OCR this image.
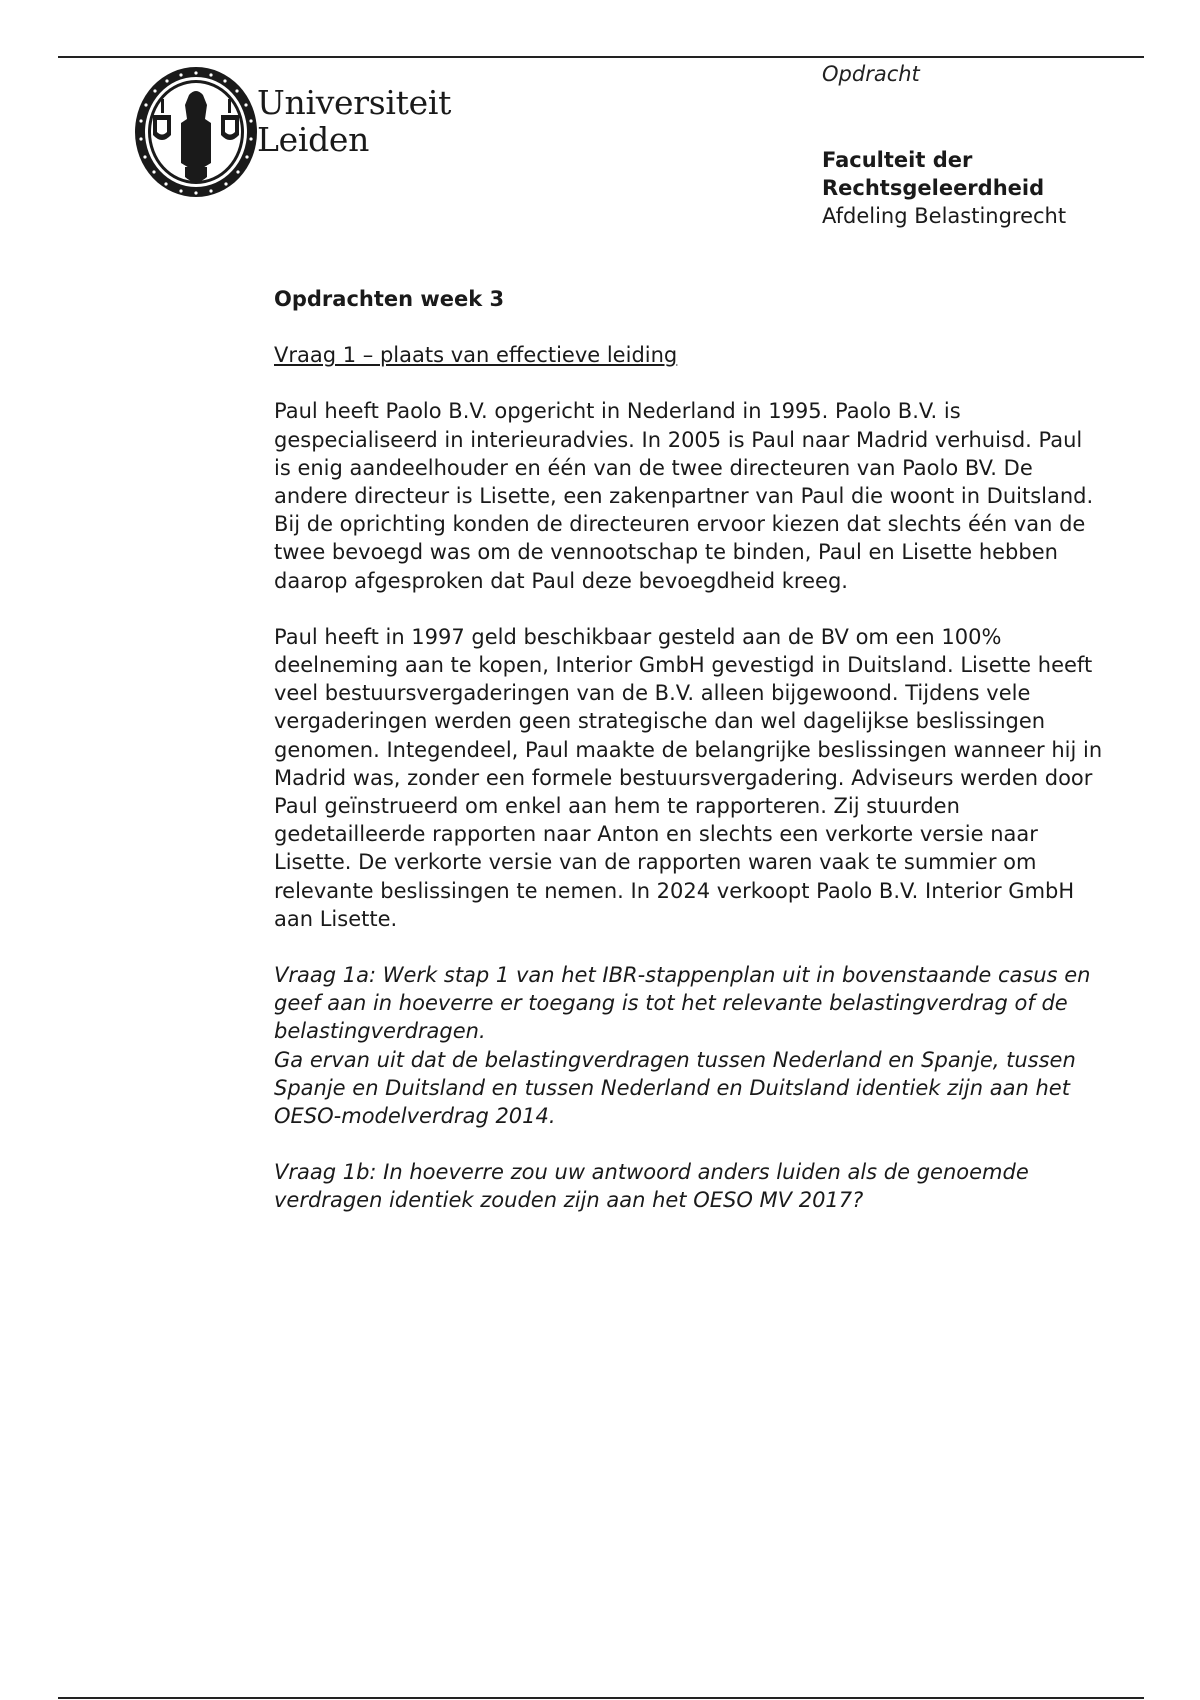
Universiteit
Leiden
Opdracht
Faculteit der
Rechtsgeleerdheid
Afdeling Belastingrecht

Opdrachten week 3

Vraag 1 – plaats van effectieve leiding

Paul heeft Paolo B.V. opgericht in Nederland in 1995. Paolo B.V. is gespecialiseerd in interieuradvies. In 2005 is Paul naar Madrid verhuisd. Paul is enig aandeelhouder en één van de twee directeuren van Paolo BV. De andere directeur is Lisette, een zakenpartner van Paul die woont in Duitsland. Bij de oprichting konden de directeuren ervoor kiezen dat slechts één van de twee bevoegd was om de vennootschap te binden, Paul en Lisette hebben daarop afgesproken dat Paul deze bevoegdheid kreeg.

Paul heeft in 1997 geld beschikbaar gesteld aan de BV om een 100% deelneming aan te kopen, Interior GmbH gevestigd in Duitsland. Lisette heeft veel bestuursvergaderingen van de B.V. alleen bijgewoond. Tijdens vele vergaderingen werden geen strategische dan wel dagelijkse beslissingen genomen. Integendeel, Paul maakte de belangrijke beslissingen wanneer hij in Madrid was, zonder een formele bestuursvergadering. Adviseurs werden door Paul geïnstrueerd om enkel aan hem te rapporteren. Zij stuurden gedetailleerde rapporten naar Anton en slechts een verkorte versie naar Lisette. De verkorte versie van de rapporten waren vaak te summier om relevante beslissingen te nemen. In 2024 verkoopt Paolo B.V. Interior GmbH aan Lisette.

Vraag 1a: Werk stap 1 van het IBR-stappenplan uit in bovenstaande casus en geef aan in hoeverre er toegang is tot het relevante belastingverdrag of de belastingverdragen.
Ga ervan uit dat de belastingverdragen tussen Nederland en Spanje, tussen Spanje en Duitsland en tussen Nederland en Duitsland identiek zijn aan het OESO-modelverdrag 2014.

Vraag 1b: In hoeverre zou uw antwoord anders luiden als de genoemde verdragen identiek zouden zijn aan het OESO MV 2017?
